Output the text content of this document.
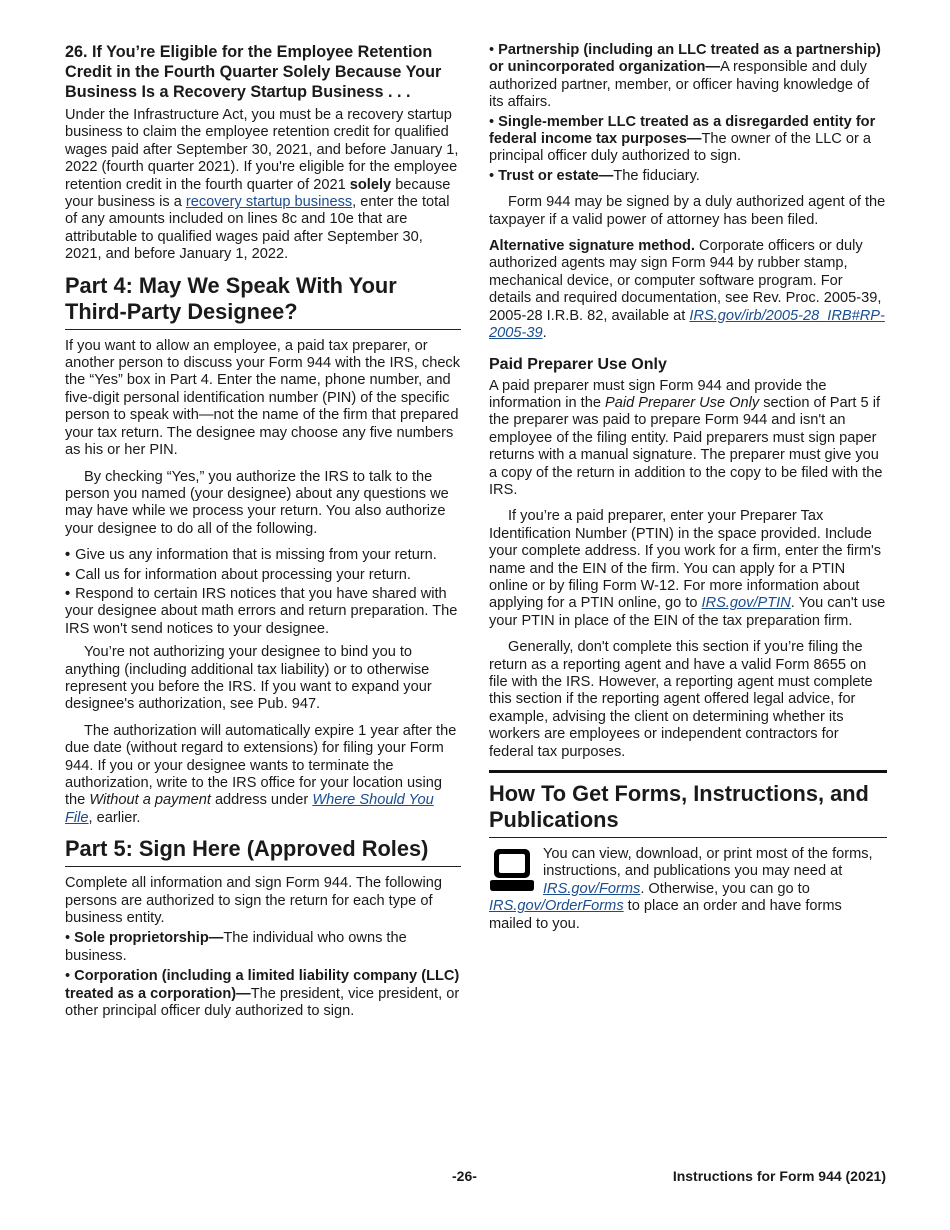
26. If You’re Eligible for the Employee Retention Credit in the Fourth Quarter Solely Because Your Business Is a Recovery Startup Business . . .

Under the Infrastructure Act, you must be a recovery startup business to claim the employee retention credit for qualified wages paid after September 30, 2021, and before January 1, 2022 (fourth quarter 2021). If you're eligible for the employee retention credit in the fourth quarter of 2021 solely because your business is a recovery startup business, enter the total of any amounts included on lines 8c and 10e that are attributable to qualified wages paid after September 30, 2021, and before January 1, 2022.

Part 4: May We Speak With Your Third-Party Designee?

If you want to allow an employee, a paid tax preparer, or another person to discuss your Form 944 with the IRS, check the “Yes” box in Part 4. Enter the name, phone number, and five-digit personal identification number (PIN) of the specific person to speak with—not the name of the firm that prepared your tax return. The designee may choose any five numbers as his or her PIN.

By checking “Yes,” you authorize the IRS to talk to the person you named (your designee) about any questions we may have while we process your return. You also authorize your designee to do all of the following.

• Give us any information that is missing from your return.
• Call us for information about processing your return.
• Respond to certain IRS notices that you have shared with your designee about math errors and return preparation. The IRS won't send notices to your designee.

You’re not authorizing your designee to bind you to anything (including additional tax liability) or to otherwise represent you before the IRS. If you want to expand your designee's authorization, see Pub. 947.

The authorization will automatically expire 1 year after the due date (without regard to extensions) for filing your Form 944. If you or your designee wants to terminate the authorization, write to the IRS office for your location using the Without a payment address under Where Should You File, earlier.

Part 5: Sign Here (Approved Roles)

Complete all information and sign Form 944. The following persons are authorized to sign the return for each type of business entity.

• Sole proprietorship—The individual who owns the business.

• Corporation (including a limited liability company (LLC) treated as a corporation)—The president, vice president, or other principal officer duly authorized to sign.

• Partnership (including an LLC treated as a partnership) or unincorporated organization—A responsible and duly authorized partner, member, or officer having knowledge of its affairs.

• Single-member LLC treated as a disregarded entity for federal income tax purposes—The owner of the LLC or a principal officer duly authorized to sign.

• Trust or estate—The fiduciary.

Form 944 may be signed by a duly authorized agent of the taxpayer if a valid power of attorney has been filed.

Alternative signature method. Corporate officers or duly authorized agents may sign Form 944 by rubber stamp, mechanical device, or computer software program. For details and required documentation, see Rev. Proc. 2005-39, 2005-28 I.R.B. 82, available at IRS.gov/irb/2005-28_IRB#RP-2005-39.

Paid Preparer Use Only

A paid preparer must sign Form 944 and provide the information in the Paid Preparer Use Only section of Part 5 if the preparer was paid to prepare Form 944 and isn't an employee of the filing entity. Paid preparers must sign paper returns with a manual signature. The preparer must give you a copy of the return in addition to the copy to be filed with the IRS.

If you’re a paid preparer, enter your Preparer Tax Identification Number (PTIN) in the space provided. Include your complete address. If you work for a firm, enter the firm's name and the EIN of the firm. You can apply for a PTIN online or by filing Form W-12. For more information about applying for a PTIN online, go to IRS.gov/PTIN. You can't use your PTIN in place of the EIN of the tax preparation firm.

Generally, don't complete this section if you’re filing the return as a reporting agent and have a valid Form 8655 on file with the IRS. However, a reporting agent must complete this section if the reporting agent offered legal advice, for example, advising the client on determining whether its workers are employees or independent contractors for federal tax purposes.

How To Get Forms, Instructions, and Publications

You can view, download, or print most of the forms, instructions, and publications you may need at IRS.gov/Forms. Otherwise, you can go to IRS.gov/OrderForms to place an order and have forms mailed to you.

-26-	Instructions for Form 944 (2021)
